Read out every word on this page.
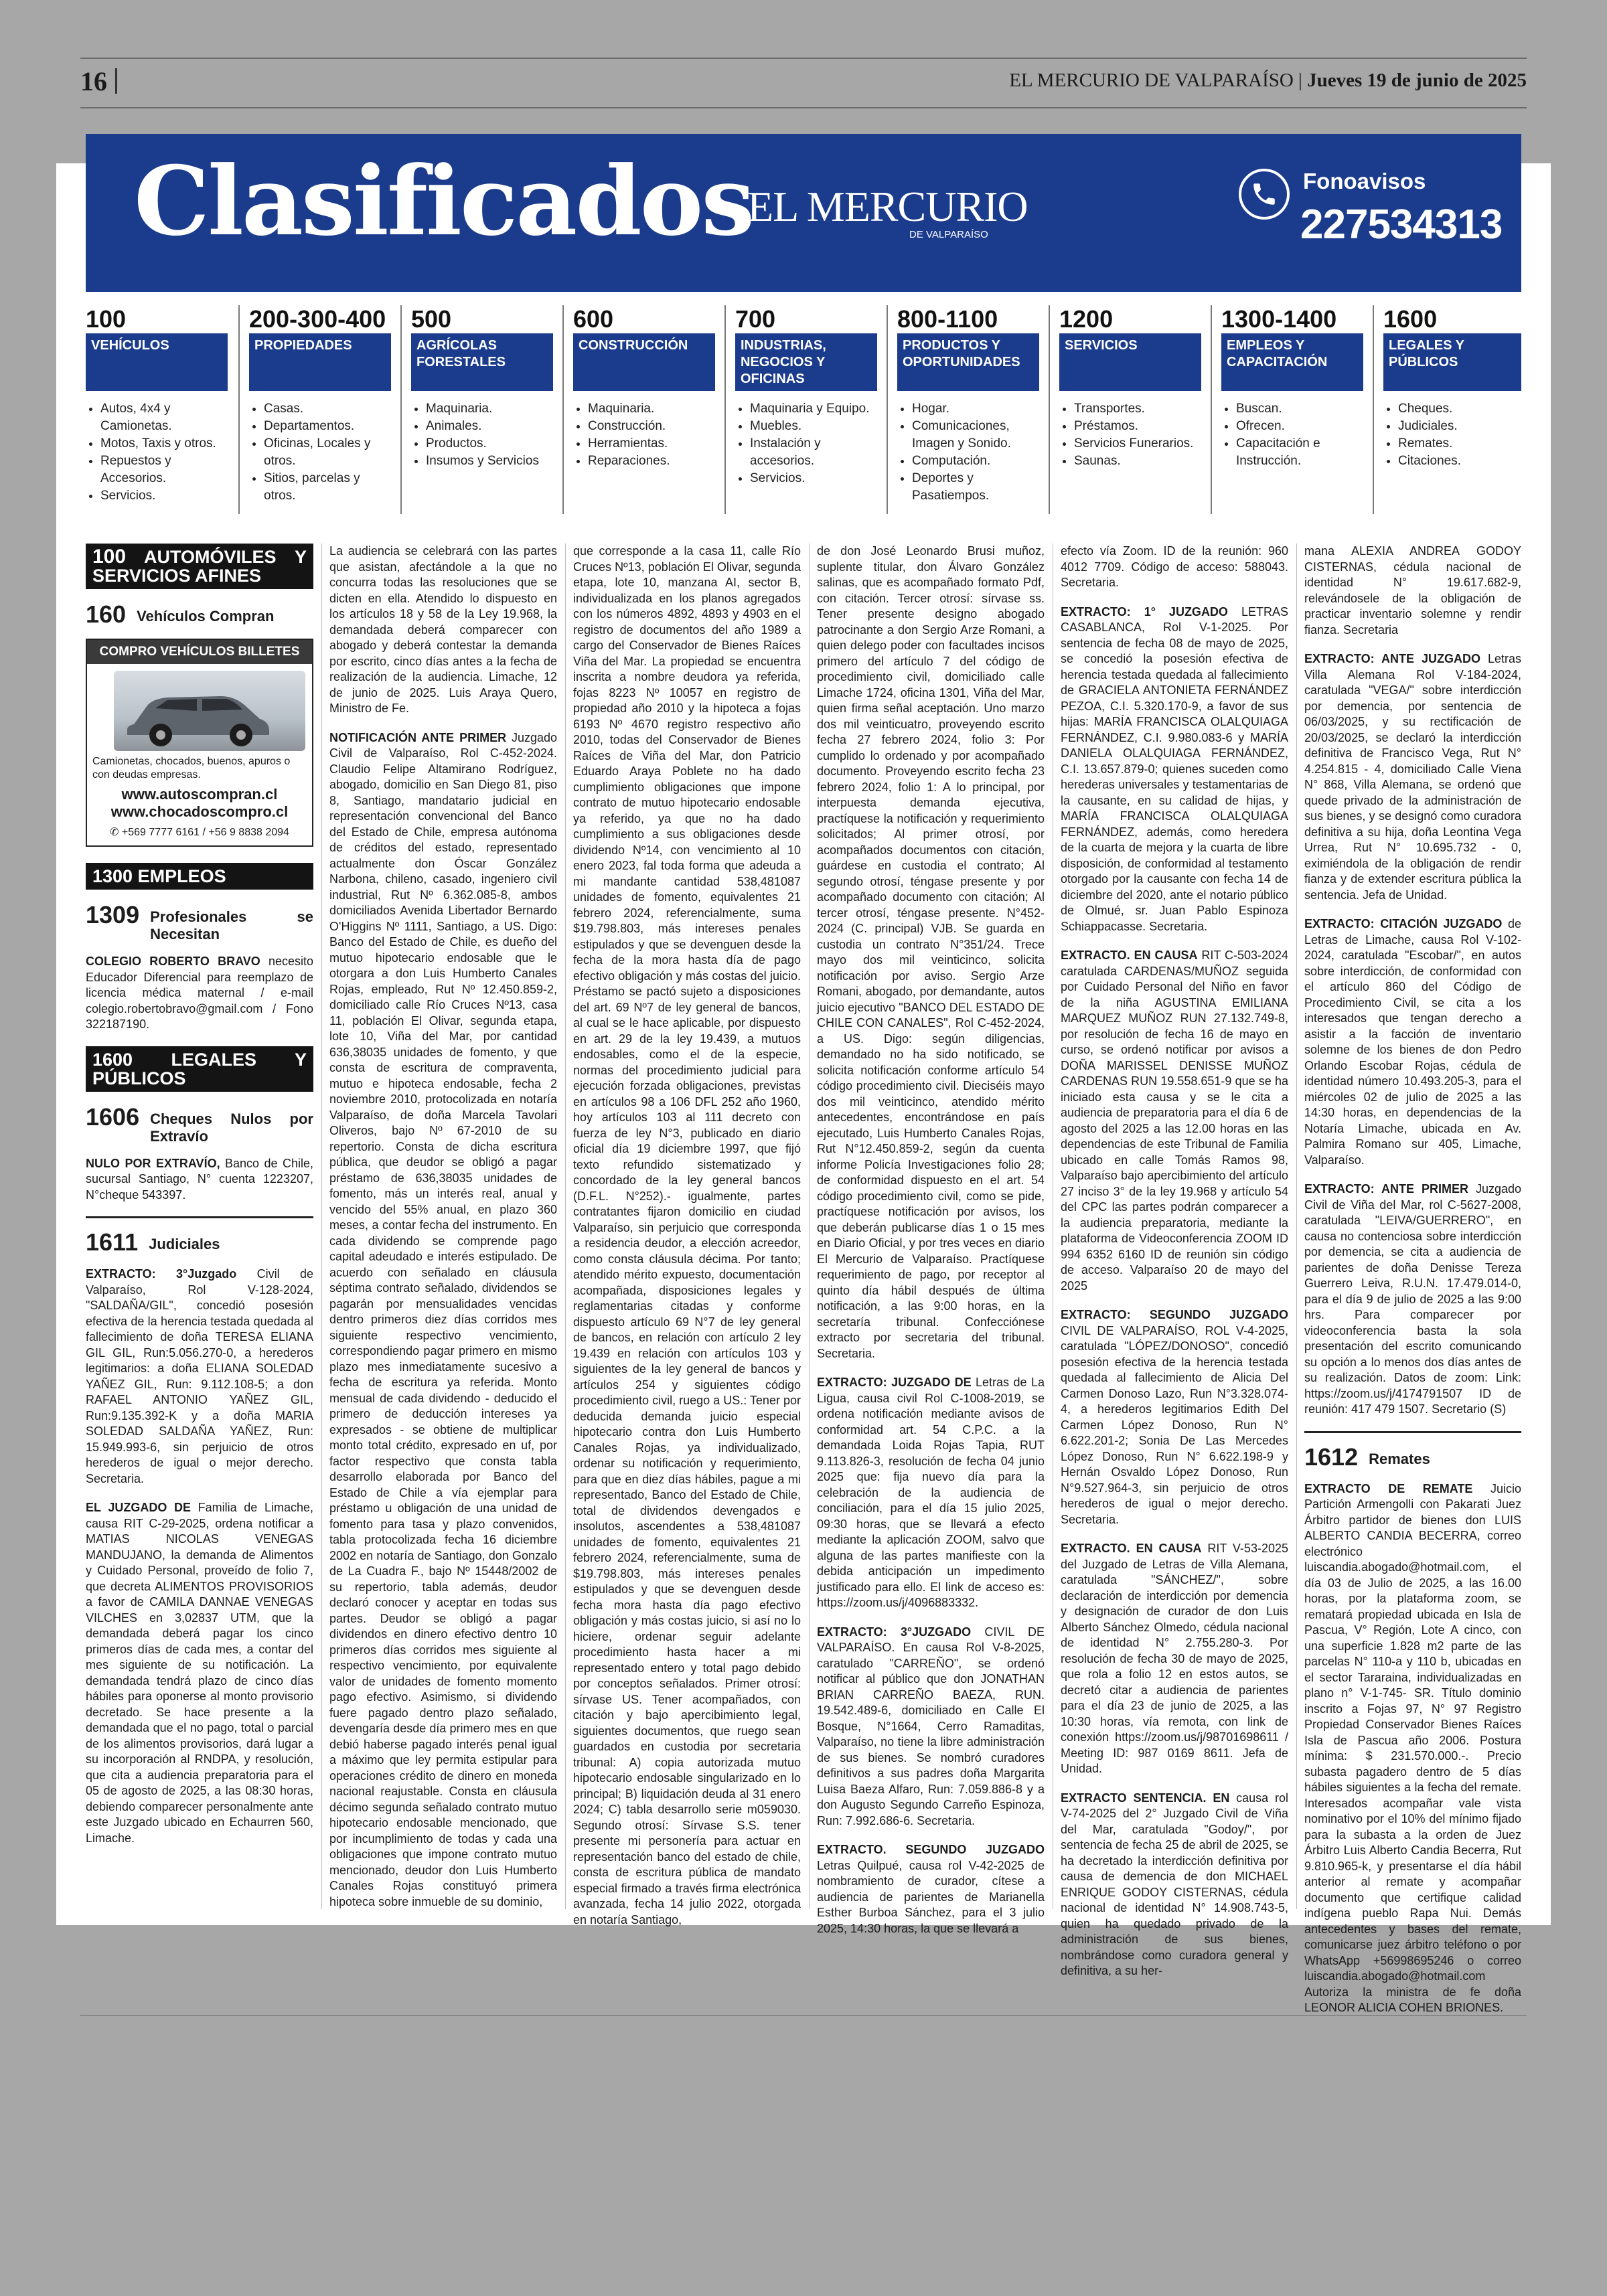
16	EL MERCURIO DE VALPARAÍSO | Jueves 19 de junio de 2025
Clasificados
EL MERCURIO
DE VALPARAÍSO
Fonoavisos
227534313
100
VEHÍCULOS
• Autos, 4x4 y Camionetas.
• Motos, Taxis y otros.
• Repuestos y Accesorios.
• Servicios.
200-300-400
PROPIEDADES
• Casas.
• Departamentos.
• Oficinas, Locales y otros.
• Sitios, parcelas y otros.
500
AGRÍCOLAS FORESTALES
• Maquinaria.
• Animales.
• Productos.
• Insumos y Servicios
600
CONSTRUCCIÓN
• Maquinaria.
• Construcción.
• Herramientas.
• Reparaciones.
700
INDUSTRIAS, NEGOCIOS Y OFICINAS
• Maquinaria y Equipo.
• Muebles.
• Instalación y accesorios.
• Servicios.
800-1100
PRODUCTOS Y OPORTUNIDADES
• Hogar.
• Comunicaciones, Imagen y Sonido.
• Computación.
• Deportes y Pasatiempos.
1200
SERVICIOS
• Transportes.
• Préstamos.
• Servicios Funerarios.
• Saunas.
1300-1400
EMPLEOS Y CAPACITACIÓN
• Buscan.
• Ofrecen.
• Capacitación e Instrucción.
1600
LEGALES Y PÚBLICOS
• Cheques.
• Judiciales.
• Remates.
• Citaciones.
100 AUTOMÓVILES Y SERVICIOS AFINES
160 Vehículos Compran
COMPRO VEHÍCULOS BILLETES
Camionetas, chocados, buenos, apuros o con deudas empresas.
www.autoscompran.cl
www.chocadoscompro.cl
✆ +569 7777 6161 / +56 9 8838 2094
1300 EMPLEOS
1309 Profesionales se Necesitan

COLEGIO ROBERTO BRAVO necesito Educador Diferencial para reemplazo de licencia médica maternal / e-mail colegio.robertobravo@gmail.com / Fono 322187190.

1600 LEGALES Y PÚBLICOS
1606 Cheques Nulos por Extravío

NULO POR EXTRAVÍO, Banco de Chile, sucursal Santiago, N° cuenta 1223207, N°cheque 543397.

1611 Judiciales

EXTRACTO: 3°Juzgado Civil de Valparaíso, Rol V-128-2024, "SALDAÑA/GIL", concedió posesión efectiva de la herencia testada quedada al fallecimiento de doña TERESA ELIANA GIL GIL, Run:5.056.270-0, a herederos legitimarios: a doña ELIANA SOLEDAD YAÑEZ GIL, Run: 9.112.108-5; a don RAFAEL ANTONIO YAÑEZ GIL, Run:9.135.392-K y a doña MARIA SOLEDAD SALDAÑA YAÑEZ, Run: 15.949.993-6, sin perjuicio de otros herederos de igual o mejor derecho. Secretaria.

EL JUZGADO DE Familia de Limache, causa RIT C-29-2025, ordena notificar a MATIAS NICOLAS VENEGAS MANDUJANO, la demanda de Alimentos y Cuidado Personal, proveído de folio 7, que decreta ALIMENTOS PROVISORIOS a favor de CAMILA DANNAE VENEGAS VILCHES en 3,02837 UTM, que la demandada deberá pagar los cinco primeros días de cada mes, a contar del mes siguiente de su notificación. La demandada tendrá plazo de cinco días hábiles para oponerse al monto provisorio decretado. Se hace presente a la demandada que el no pago, total o parcial de los alimentos provisorios, dará lugar a su incorporación al RNDPA, y resolución, que cita a audiencia preparatoria para el 05 de agosto de 2025, a las 08:30 horas, debiendo comparecer personalmente ante este Juzgado ubicado en Echaurren 560, Limache.

La audiencia se celebrará con las partes que asistan, afectándole a la que no concurra todas las resoluciones que se dicten en ella. Atendido lo dispuesto en los artículos 18 y 58 de la Ley 19.968, la demandada deberá comparecer con abogado y deberá contestar la demanda por escrito, cinco días antes a la fecha de realización de la audiencia. Limache, 12 de junio de 2025. Luis Araya Quero, Ministro de Fe.

NOTIFICACIÓN ANTE PRIMER Juzgado Civil de Valparaíso, Rol C-452-2024. Claudio Felipe Altamirano Rodríguez, abogado, domicilio en San Diego 81, piso 8, Santiago, mandatario judicial en representación convencional del Banco del Estado de Chile, empresa autónoma de créditos del estado, representado actualmente don Óscar González Narbona, chileno, casado, ingeniero civil industrial, Rut Nº 6.362.085-8, ambos domiciliados Avenida Libertador Bernardo O'Higgins Nº 1111, Santiago, a US. Digo: Banco del Estado de Chile, es dueño del mutuo hipotecario endosable que le otorgara a don Luis Humberto Canales Rojas, empleado, Rut Nº 12.450.859-2, domiciliado calle Río Cruces Nº13, casa 11, población El Olivar, segunda etapa, lote 10, Viña del Mar, por cantidad 636,38035 unidades de fomento, y que consta de escritura de compraventa, mutuo e hipoteca endosable, fecha 2 noviembre 2010, protocolizada en notaría Valparaíso, de doña Marcela Tavolari Oliveros, bajo Nº 67-2010 de su repertorio. Consta de dicha escritura pública, que deudor se obligó a pagar préstamo de 636,38035 unidades de fomento, más un interés real, anual y vencido del 55% anual, en plazo 360 meses, a contar fecha del instrumento. En cada dividendo se comprende pago capital adeudado e interés estipulado. De acuerdo con señalado en cláusula séptima contrato señalado, dividendos se pagarán por mensualidades vencidas dentro primeros diez días corridos mes siguiente respectivo vencimiento, correspondiendo pagar primero en mismo plazo mes inmediatamente sucesivo a fecha de escritura ya referida. Monto mensual de cada dividendo - deducido el primero de deducción intereses ya expresados - se obtiene de multiplicar monto total crédito, expresado en uf, por factor respectivo que consta tabla desarrollo elaborada por Banco del Estado de Chile a vía ejemplar para préstamo u obligación de una unidad de fomento para tasa y plazo convenidos, tabla protocolizada fecha 16 diciembre 2002 en notaría de Santiago, don Gonzalo de La Cuadra F., bajo Nº 15448/2002 de su repertorio, tabla además, deudor declaró conocer y aceptar en todas sus partes. Deudor se obligó a pagar dividendos en dinero efectivo dentro 10 primeros días corridos mes siguiente al respectivo vencimiento, por equivalente valor de unidades de fomento momento pago efectivo. Asimismo, si dividendo fuere pagado dentro plazo señalado, devengaría desde día primero mes en que debió haberse pagado interés penal igual a máximo que ley permita estipular para operaciones crédito de dinero en moneda nacional reajustable. Consta en cláusula décimo segunda señalado contrato mutuo hipotecario endosable mencionado, que por incumplimiento de todas y cada una obligaciones que impone contrato mutuo mencionado, deudor don Luis Humberto Canales Rojas constituyó primera hipoteca sobre inmueble de su dominio,

que corresponde a la casa 11, calle Río Cruces Nº13, población El Olivar, segunda etapa, lote 10, manzana AI, sector B, individualizada en los planos agregados con los números 4892, 4893 y 4903 en el registro de documentos del año 1989 a cargo del Conservador de Bienes Raíces Viña del Mar. La propiedad se encuentra inscrita a nombre deudora ya referida, fojas 8223 Nº 10057 en registro de propiedad año 2010 y la hipoteca a fojas 6193 Nº 4670 registro respectivo año 2010, todas del Conservador de Bienes Raíces de Viña del Mar, don Patricio Eduardo Araya Poblete no ha dado cumplimiento obligaciones que impone contrato de mutuo hipotecario endosable ya referido, ya que no ha dado cumplimiento a sus obligaciones desde dividendo Nº14, con vencimiento al 10 enero 2023, fal toda forma que adeuda a mi mandante cantidad 538,481087 unidades de fomento, equivalentes 21 febrero 2024, referencialmente, suma $19.798.803, más intereses penales estipulados y que se devenguen desde la fecha de la mora hasta día de pago efectivo obligación y más costas del juicio. Préstamo se pactó sujeto a disposiciones del art. 69 Nº7 de ley general de bancos, al cual se le hace aplicable, por dispuesto en art. 29 de la ley 19.439, a mutuos endosables, como el de la especie, normas del procedimiento judicial para ejecución forzada obligaciones, previstas en artículos 98 a 106 DFL 252 año 1960, hoy artículos 103 al 111 decreto con fuerza de ley N°3, publicado en diario oficial día 19 diciembre 1997, que fijó texto refundido sistematizado y concordado de la ley general bancos (D.F.L. N°252).- igualmente, partes contratantes fijaron domicilio en ciudad Valparaíso, sin perjuicio que corresponda a residencia deudor, a elección acreedor, como consta cláusula décima. Por tanto; atendido mérito expuesto, documentación acompañada, disposiciones legales y reglamentarias citadas y conforme dispuesto artículo 69 N°7 de ley general de bancos, en relación con artículo 2 ley 19.439 en relación con artículos 103 y siguientes de la ley general de bancos y artículos 254 y siguientes código procedimiento civil, ruego a US.: Tener por deducida demanda juicio especial hipotecario contra don Luis Humberto Canales Rojas, ya individualizado, ordenar su notificación y requerimiento, para que en diez días hábiles, pague a mi representado, Banco del Estado de Chile, total de dividendos devengados e insolutos, ascendentes a 538,481087 unidades de fomento, equivalentes 21 febrero 2024, referencialmente, suma de $19.798.803, más intereses penales estipulados y que se devenguen desde fecha mora hasta día pago efectivo obligación y más costas juicio, si así no lo hiciere, ordenar seguir adelante procedimiento hasta hacer a mi representado entero y total pago debido por conceptos señalados. Primer otrosí: sírvase US. Tener acompañados, con citación y bajo apercibimiento legal, siguientes documentos, que ruego sean guardados en custodia por secretaria tribunal: A) copia autorizada mutuo hipotecario endosable singularizado en lo principal; B) liquidación deuda al 31 enero 2024; C) tabla desarrollo serie m059030. Segundo otrosí: Sírvase S.S. tener presente mi personería para actuar en representación banco del estado de chile, consta de escritura pública de mandato especial firmado a través firma electrónica avanzada, fecha 14 julio 2022, otorgada en notaría Santiago,

de don José Leonardo Brusi muñoz, suplente titular, don Álvaro González salinas, que es acompañado formato Pdf, con citación. Tercer otrosí: sírvase ss. Tener presente designo abogado patrocinante a don Sergio Arze Romani, a quien delego poder con facultades incisos primero del artículo 7 del código de procedimiento civil, domiciliado calle Limache 1724, oficina 1301, Viña del Mar, quien firma señal aceptación. Uno marzo dos mil veinticuatro, proveyendo escrito fecha 27 febrero 2024, folio 3: Por cumplido lo ordenado y por acompañado documento. Proveyendo escrito fecha 23 febrero 2024, folio 1: A lo principal, por interpuesta demanda ejecutiva, practíquese la notificación y requerimiento solicitados; Al primer otrosí, por acompañados documentos con citación, guárdese en custodia el contrato; Al segundo otrosí, téngase presente y por acompañado documento con citación; Al tercer otrosí, téngase presente. N°452-2024 (C. principal) VJB. Se guarda en custodia un contrato N°351/24. Trece mayo dos mil veinticinco, solicita notificación por aviso. Sergio Arze Romani, abogado, por demandante, autos juicio ejecutivo "BANCO DEL ESTADO DE CHILE CON CANALES", Rol C-452-2024, a US. Digo: según diligencias, demandado no ha sido notificado, se solicita notificación conforme artículo 54 código procedimiento civil. Dieciséis mayo dos mil veinticinco, atendido mérito antecedentes, encontrándose en país ejecutado, Luis Humberto Canales Rojas, Rut N°12.450.859-2, según da cuenta informe Policía Investigaciones folio 28; de conformidad dispuesto en el art. 54 código procedimiento civil, como se pide, practíquese notificación por avisos, los que deberán publicarse días 1 o 15 mes en Diario Oficial, y por tres veces en diario El Mercurio de Valparaíso. Practíquese requerimiento de pago, por receptor al quinto día hábil después de última notificación, a las 9:00 horas, en la secretaría tribunal. Confecciónese extracto por secretaria del tribunal. Secretaria.

EXTRACTO: JUZGADO DE Letras de La Ligua, causa civil Rol C-1008-2019, se ordena notificación mediante avisos de conformidad art. 54 C.P.C. a la demandada Loida Rojas Tapia, RUT 9.113.826-3, resolución de fecha 04 junio 2025 que: fija nuevo día para la celebración de la audiencia de conciliación, para el día 15 julio 2025, 09:30 horas, que se llevará a efecto mediante la aplicación ZOOM, salvo que alguna de las partes manifieste con la debida anticipación un impedimento justificado para ello. El link de acceso es: https://zoom.us/j/4096883332.

EXTRACTO: 3°JUZGADO CIVIL DE VALPARAÍSO. En causa Rol V-8-2025, caratulado "CARREÑO", se ordenó notificar al público que don JONATHAN BRIAN CARREÑO BAEZA, RUN. 19.542.489-6, domiciliado en Calle El Bosque, N°1664, Cerro Ramaditas, Valparaíso, no tiene la libre administración de sus bienes. Se nombró curadores definitivos a sus padres doña Margarita Luisa Baeza Alfaro, Run: 7.059.886-8 y a don Augusto Segundo Carreño Espinoza, Run: 7.992.686-6. Secretaria.

EXTRACTO. SEGUNDO JUZGADO Letras Quilpué, causa rol V-42-2025 de nombramiento de curador, cítese a audiencia de parientes de Marianella Esther Burboa Sánchez, para el 3 julio 2025, 14:30 horas, la que se llevará a

efecto vía Zoom. ID de la reunión: 960 4012 7709. Código de acceso: 588043. Secretaria.

EXTRACTO: 1° JUZGADO LETRAS CASABLANCA, Rol V-1-2025. Por sentencia de fecha 08 de mayo de 2025, se concedió la posesión efectiva de herencia testada quedada al fallecimiento de GRACIELA ANTONIETA FERNÁNDEZ PEZOA, C.I. 5.320.170-9, a favor de sus hijas: MARÍA FRANCISCA OLALQUIAGA FERNÁNDEZ, C.I. 9.980.083-6 y MARÍA DANIELA OLALQUIAGA FERNÁNDEZ, C.I. 13.657.879-0; quienes suceden como herederas universales y testamentarias de la causante, en su calidad de hijas, y MARÍA FRANCISCA OLALQUIAGA FERNÁNDEZ, además, como heredera de la cuarta de mejora y la cuarta de libre disposición, de conformidad al testamento otorgado por la causante con fecha 14 de diciembre del 2020, ante el notario público de Olmué, sr. Juan Pablo Espinoza Schiappacasse. Secretaria.

EXTRACTO. EN CAUSA RIT C-503-2024 caratulada CARDENAS/MUÑOZ seguida por Cuidado Personal del Niño en favor de la niña AGUSTINA EMILIANA MARQUEZ MUÑOZ RUN 27.132.749-8, por resolución de fecha 16 de mayo en curso, se ordenó notificar por avisos a DOÑA MARISSEL DENISSE MUÑOZ CARDENAS RUN 19.558.651-9 que se ha iniciado esta causa y se le cita a audiencia de preparatoria para el día 6 de agosto del 2025 a las 12.00 horas en las dependencias de este Tribunal de Familia ubicado en calle Tomás Ramos 98, Valparaíso bajo apercibimiento del artículo 27 inciso 3° de la ley 19.968 y artículo 54 del CPC las partes podrán comparecer a la audiencia preparatoria, mediante la plataforma de Videoconferencia ZOOM ID 994 6352 6160 ID de reunión sin código de acceso. Valparaíso 20 de mayo del 2025

EXTRACTO: SEGUNDO JUZGADO CIVIL DE VALPARAÍSO, ROL V-4-2025, caratulada "LÓPEZ/DONOSO", concedió posesión efectiva de la herencia testada quedada al fallecimiento de Alicia Del Carmen Donoso Lazo, Run N°3.328.074-4, a herederos legitimarios Edith Del Carmen López Donoso, Run N° 6.622.201-2; Sonia De Las Mercedes López Donoso, Run N° 6.622.198-9 y Hernán Osvaldo López Donoso, Run N°9.527.964-3, sin perjuicio de otros herederos de igual o mejor derecho. Secretaria.

EXTRACTO. EN CAUSA RIT V-53-2025 del Juzgado de Letras de Villa Alemana, caratulada "SÁNCHEZ/", sobre declaración de interdicción por demencia y designación de curador de don Luis Alberto Sánchez Olmedo, cédula nacional de identidad N° 2.755.280-3. Por resolución de fecha 30 de mayo de 2025, que rola a folio 12 en estos autos, se decretó citar a audiencia de parientes para el día 23 de junio de 2025, a las 10:30 horas, vía remota, con link de conexión https://zoom.us/j/98701698611 / Meeting ID: 987 0169 8611. Jefa de Unidad.

EXTRACTO SENTENCIA. EN causa rol V-74-2025 del 2° Juzgado Civil de Viña del Mar, caratulada "Godoy/", por sentencia de fecha 25 de abril de 2025, se ha decretado la interdicción definitiva por causa de demencia de don MICHAEL ENRIQUE GODOY CISTERNAS, cédula nacional de identidad N° 14.908.743-5, quien ha quedado privado de la administración de sus bienes, nombrándose como curadora general y definitiva, a su her-

mana ALEXIA ANDREA GODOY CISTERNAS, cédula nacional de identidad N° 19.617.682-9, relevándosele de la obligación de practicar inventario solemne y rendir fianza. Secretaria

EXTRACTO: ANTE JUZGADO Letras Villa Alemana Rol V-184-2024, caratulada "VEGA/" sobre interdicción por demencia, por sentencia de 06/03/2025, y su rectificación de 20/03/2025, se declaró la interdicción definitiva de Francisco Vega, Rut N° 4.254.815 - 4, domiciliado Calle Viena N° 868, Villa Alemana, se ordenó que quede privado de la administración de sus bienes, y se designó como curadora definitiva a su hija, doña Leontina Vega Urrea, Rut N° 10.695.732 - 0, eximiéndola de la obligación de rendir fianza y de extender escritura pública la sentencia. Jefa de Unidad.

EXTRACTO: CITACIÓN JUZGADO de Letras de Limache, causa Rol V-102-2024, caratulada "Escobar/", en autos sobre interdicción, de conformidad con el artículo 860 del Código de Procedimiento Civil, se cita a los interesados que tengan derecho a asistir a la facción de inventario solemne de los bienes de don Pedro Orlando Escobar Rojas, cédula de identidad número 10.493.205-3, para el miércoles 02 de julio de 2025 a las 14:30 horas, en dependencias de la Notaría Limache, ubicada en Av. Palmira Romano sur 405, Limache, Valparaíso.

EXTRACTO: ANTE PRIMER Juzgado Civil de Viña del Mar, rol C-5627-2008, caratulada "LEIVA/GUERRERO", en causa no contenciosa sobre interdicción por demencia, se cita a audiencia de parientes de doña Denisse Tereza Guerrero Leiva, R.U.N. 17.479.014-0, para el día 9 de julio de 2025 a las 9:00 hrs. Para comparecer por videoconferencia basta la sola presentación del escrito comunicando su opción a lo menos dos días antes de su realización. Datos de zoom: Link: https://zoom.us/j/4174791507 ID de reunión: 417 479 1507. Secretario (S)

1612 Remates

EXTRACTO DE REMATE Juicio Partición Armengolli con Pakarati Juez Árbitro partidor de bienes don LUIS ALBERTO CANDIA BECERRA, correo electrónico luiscandia.abogado@hotmail.com, el día 03 de Julio de 2025, a las 16.00 horas, por la plataforma zoom, se rematará propiedad ubicada en Isla de Pascua, V° Región, Lote A cinco, con una superficie 1.828 m2 parte de las parcelas N° 110-a y 110 b, ubicadas en el sector Tararaina, individualizadas en plano n° V-1-745- SR. Título dominio inscrito a Fojas 97, N° 97 Registro Propiedad Conservador Bienes Raíces Isla de Pascua año 2006. Postura mínima: $ 231.570.000.-. Precio subasta pagadero dentro de 5 días hábiles siguientes a la fecha del remate. Interesados acompañar vale vista nominativo por el 10% del mínimo fijado para la subasta a la orden de Juez Árbitro Luis Alberto Candia Becerra, Rut 9.810.965-k, y presentarse el día hábil anterior al remate y acompañar documento que certifique calidad indígena pueblo Rapa Nui. Demás antecedentes y bases del remate, comunicarse juez árbitro teléfono o por WhatsApp +56998695246 o correo luiscandia.abogado@hotmail.com Autoriza la ministra de fe doña LEONOR ALICIA COHEN BRIONES.
